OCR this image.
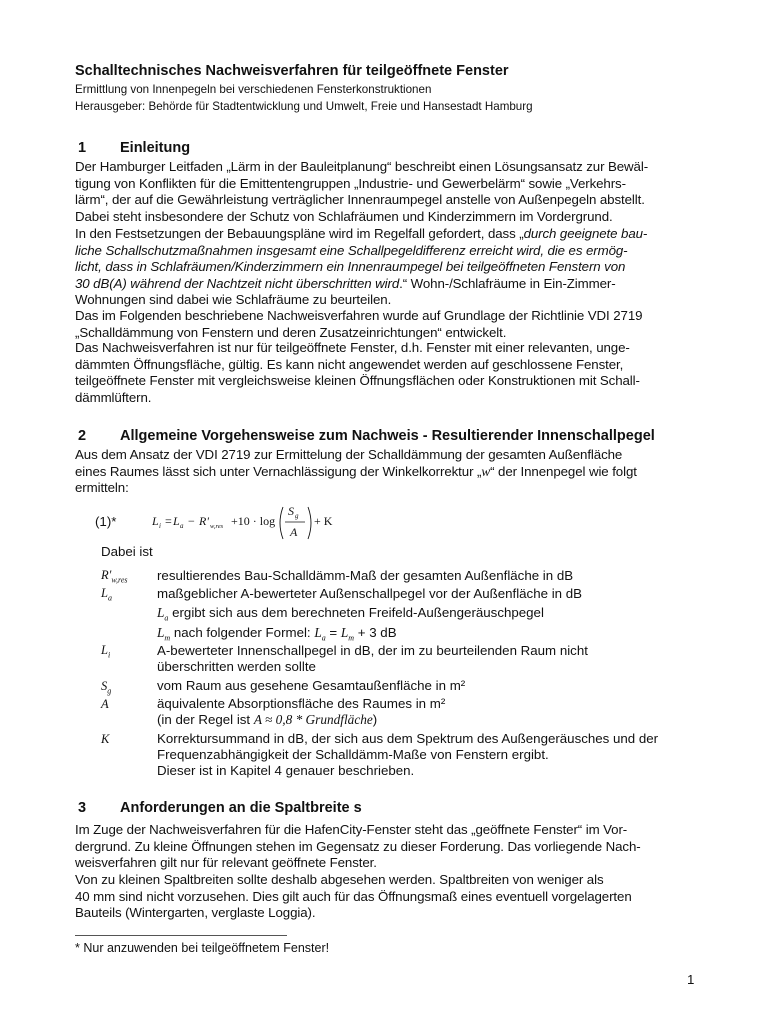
Schalltechnisches Nachweisverfahren für teilgeöffnete Fenster
Ermittlung von Innenpegeln bei verschiedenen Fensterkonstruktionen
Herausgeber: Behörde für Stadtentwicklung und Umwelt, Freie und Hansestadt Hamburg
1 Einleitung
Der Hamburger Leitfaden „Lärm in der Bauleitplanung“ beschreibt einen Lösungsansatz zur Bewäl-
tigung von Konflikten für die Emittentengruppen „Industrie- und Gewerbelärm“ sowie „Verkehrs-
lärm“, der auf die Gewährleistung verträglicher Innenraumpegel anstelle von Außenpegeln abstellt.
Dabei steht insbesondere der Schutz von Schlafräumen und Kinderzimmern im Vordergrund.
In den Festsetzungen der Bebauungspläne wird im Regelfall gefordert, dass „durch geeignete bau-
liche Schallschutzmaßnahmen insgesamt eine Schallpegeldifferenz erreicht wird, die es ermög-
licht, dass in Schlafräumen/Kinderzimmern ein Innenraumpegel bei teilgeöffneten Fenstern von
30 dB(A) während der Nachtzeit nicht überschritten wird.“ Wohn-/Schlafräume in Ein-Zimmer-
Wohnungen sind dabei wie Schlafräume zu beurteilen.
Das im Folgenden beschriebene Nachweisverfahren wurde auf Grundlage der Richtlinie VDI 2719
„Schalldämmung von Fenstern und deren Zusatzeinrichtungen“ entwickelt.
Das Nachweisverfahren ist nur für teilgeöffnete Fenster, d.h. Fenster mit einer relevanten, unge-
dämmten Öffnungsfläche, gültig. Es kann nicht angewendet werden auf geschlossene Fenster,
teilgeöffnete Fenster mit vergleichsweise kleinen Öffnungsflächen oder Konstruktionen mit Schall-
dämmlüftern.
2 Allgemeine Vorgehensweise zum Nachweis - Resultierender Innenschallpegel
Aus dem Ansatz der VDI 2719 zur Ermittelung der Schalldämmung der gesamten Außenfläche
eines Raumes lässt sich unter Vernachlässigung der Winkelkorrektur „w“ der Innenpegel wie folgt
ermitteln:
(1)*	L i = L a − R' w,res +10 · log
S g
A
+ K
Dabei ist
$R'_{w,res}$ resultierendes Bau-Schalldämm-Maß der gesamten Außenfläche in dB
$L_a$	maßgeblicher A-bewerteter Außenschallpegel vor der Außenfläche in dB
$L_a$ ergibt sich aus dem berechneten Freifeld-Außengeräuschpegel
$L_m$ nach folgender Formel: $L_a = L_m + 3$ dB
$L_i$	A-bewerteter Innenschallpegel in dB, der im zu beurteilenden Raum nicht
überschritten werden sollte
$S_g$	vom Raum aus gesehene Gesamtaußenfläche in m²
A	äquivalente Absorptionsfläche des Raumes in m²
(in der Regel ist A ≈ 0,8 * Grundfläche)
K	Korrektursummand in dB, der sich aus dem Spektrum des Außengeräusches und der
Frequenzabhängigkeit der Schalldämm-Maße von Fenstern ergibt.
Dieser ist in Kapitel 4 genauer beschrieben.
3 Anforderungen an die Spaltbreite s
Im Zuge der Nachweisverfahren für die HafenCity-Fenster steht das „geöffnete Fenster“ im Vor-
dergrund. Zu kleine Öffnungen stehen im Gegensatz zu dieser Forderung. Das vorliegende Nach-
weisverfahren gilt nur für relevant geöffnete Fenster.
Von zu kleinen Spaltbreiten sollte deshalb abgesehen werden. Spaltbreiten von weniger als
40 mm sind nicht vorzusehen. Dies gilt auch für das Öffnungsmaß eines eventuell vorgelagerten
Bauteils (Wintergarten, verglaste Loggia).
* Nur anzuwenden bei teilgeöffnetem Fenster!
1
